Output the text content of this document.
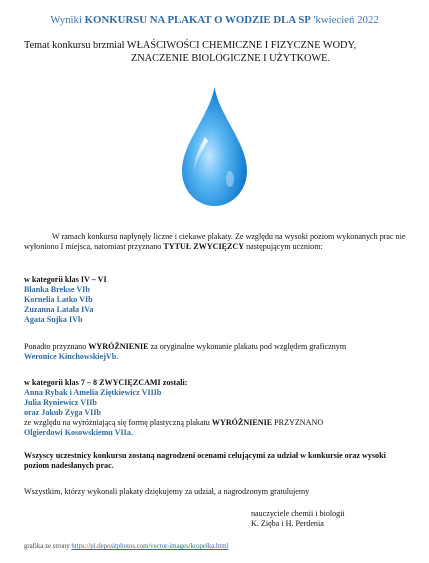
Wyniki KONKURSU NA PLAKAT O WODZIE DLA SP 'kwiecień 2022
Temat konkursu brzmiał WŁAŚCIWOŚCI CHEMICZNE I FIZYCZNE WODY,
ZNACZENIE BIOLOGICZNE I UŻYTKOWE.
W ramach konkursu napłynęły liczne i ciekawe plakaty. Ze względu na wysoki poziom wykonanych prac nie wyłoniono I miejsca, natomiast przyznano TYTUŁ ZWYCIĘZCY następującym uczniom:
w kategorii klas IV – VI
Blanka Brekse VIb
Kornelia Latko VIb
Zuzanna Latała IVa
Agata Sujka IVb
Ponadto przyznano WYRÓŻNIENIE za oryginalne wykonanie plakatu pod względem graficznym
Weronice KinchowskiejVb.
w kategorii klas 7 – 8 ZWYCIĘZCAMI zostali:
Anna Rybak i Amelia Ziętkiewicz VIIIb
Julia Ryniewicz VIIb
oraz Jakub Zyga VIIb
ze względu na wyróżniającą się formę plastyczną plakatu WYRÓŻNIENIE PRZYZNANO
Olgierdowi Kosowskiemu VIIa.
Wszyscy uczestnicy konkursu zostaną nagrodzeni ocenami celującymi za udział w konkursie oraz wysoki poziom nadesłanych prac.
Wszystkim, którzy wykonali plakaty dziękujemy za udział, a nagrodzonym gratulujemy
nauczyciele chemii i biologii
K. Zięba i H. Perdenia
grafika ze strony https://pl.depositphotos.com/vector-images/kropelka.html
